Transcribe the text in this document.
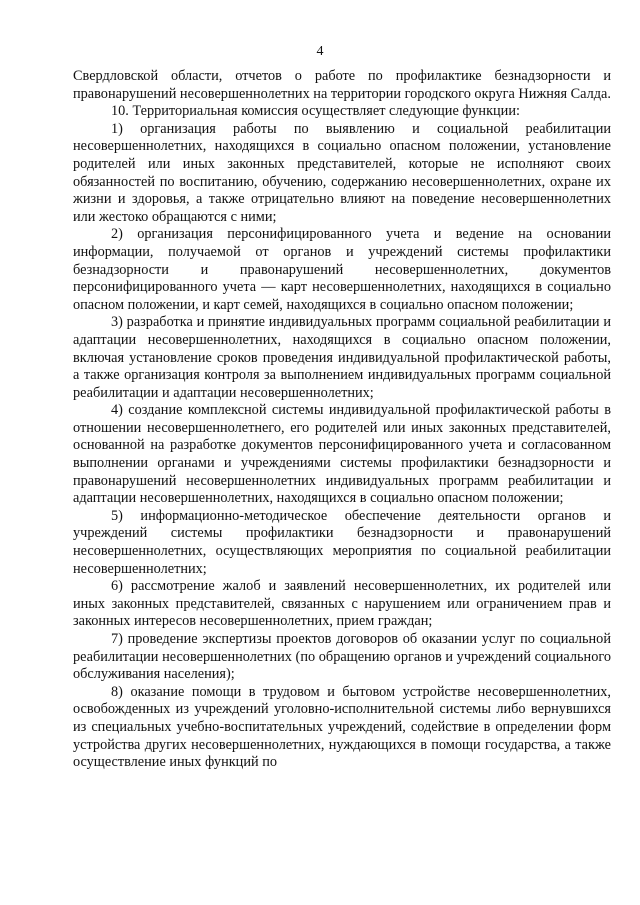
4

Свердловской области, отчетов о работе по профилактике безнадзорности и правонарушений несовершеннолетних на территории городского округа Нижняя Салда.

10. Территориальная комиссия осуществляет следующие функции:

1) организация работы по выявлению и социальной реабилитации несовершеннолетних, находящихся в социально опасном положении, установление родителей или иных законных представителей, которые не исполняют своих обязанностей по воспитанию, обучению, содержанию несовершеннолетних, охране их жизни и здоровья, а также отрицательно влияют на поведение несовершеннолетних или жестоко обращаются с ними;

2) организация персонифицированного учета и ведение на основании информации, получаемой от органов и учреждений системы профилактики безнадзорности и правонарушений несовершеннолетних, документов персонифицированного учета — карт несовершеннолетних, находящихся в социально опасном положении, и карт семей, находящихся в социально опасном положении;

3) разработка и принятие индивидуальных программ социальной реабилитации и адаптации несовершеннолетних, находящихся в социально опасном положении, включая установление сроков проведения индивидуальной профилактической работы, а также организация контроля за выполнением индивидуальных программ социальной реабилитации и адаптации несовершеннолетних;

4) создание комплексной системы индивидуальной профилактической работы в отношении несовершеннолетнего, его родителей или иных законных представителей, основанной на разработке документов персонифицированного учета и согласованном выполнении органами и учреждениями системы профилактики безнадзорности и правонарушений несовершеннолетних индивидуальных программ реабилитации и адаптации несовершеннолетних, находящихся в социально опасном положении;

5) информационно-методическое обеспечение деятельности органов и учреждений системы профилактики безнадзорности и правонарушений несовершеннолетних, осуществляющих мероприятия по социальной реабилитации несовершеннолетних;

6) рассмотрение жалоб и заявлений несовершеннолетних, их родителей или иных законных представителей, связанных с нарушением или ограничением прав и законных интересов несовершеннолетних, прием граждан;

7) проведение экспертизы проектов договоров об оказании услуг по социальной реабилитации несовершеннолетних (по обращению органов и учреждений социального обслуживания населения);

8) оказание помощи в трудовом и бытовом устройстве несовершеннолетних, освобожденных из учреждений уголовно-исполнительной системы либо вернувшихся из специальных учебно-воспитательных учреждений, содействие в определении форм устройства других несовершеннолетних, нуждающихся в помощи государства, а также осуществление иных функций по
